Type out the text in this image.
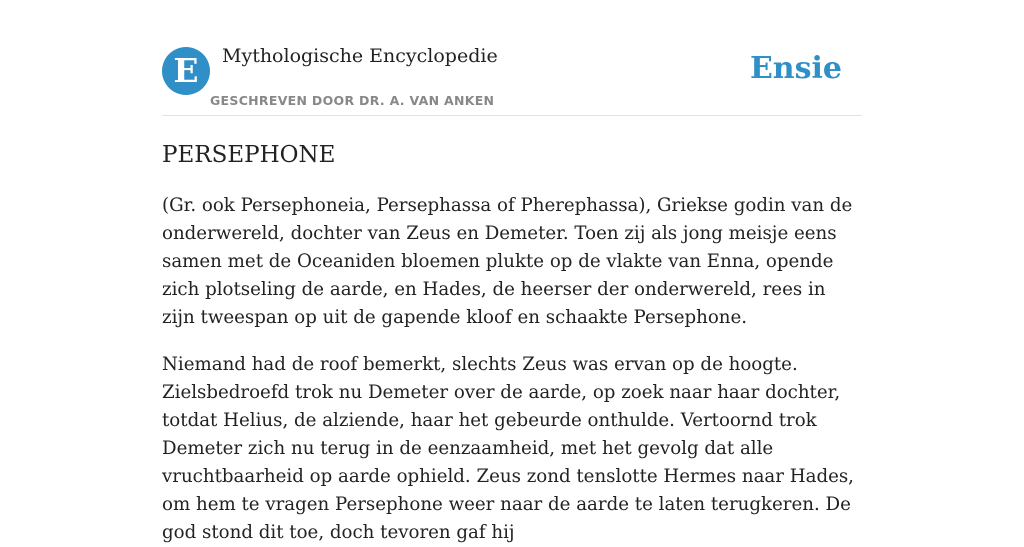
E	Mythologische Encyclopedie
GESCHREVEN DOOR DR. A. VAN ANKEN
Ensie
PERSEPHONE

(Gr. ook Persephoneia, Persephassa of Pherephassa), Griekse godin van de onderwereld, dochter van Zeus en Demeter. Toen zij als jong meisje eens samen met de Oceaniden bloemen plukte op de vlakte van Enna, opende zich plotseling de aarde, en Hades, de heerser der onderwereld, rees in zijn tweespan op uit de gapende kloof en schaakte Persephone.

Niemand had de roof bemerkt, slechts Zeus was ervan op de hoogte. Zielsbedroefd trok nu Demeter over de aarde, op zoek naar haar dochter, totdat Helius, de alziende, haar het gebeurde onthulde. Vertoornd trok Demeter zich nu terug in de eenzaamheid, met het gevolg dat alle vruchtbaarheid op aarde ophield. Zeus zond tenslotte Hermes naar Hades, om hem te vragen Persephone weer naar de aarde te laten terugkeren. De god stond dit toe, doch tevoren gaf hij
